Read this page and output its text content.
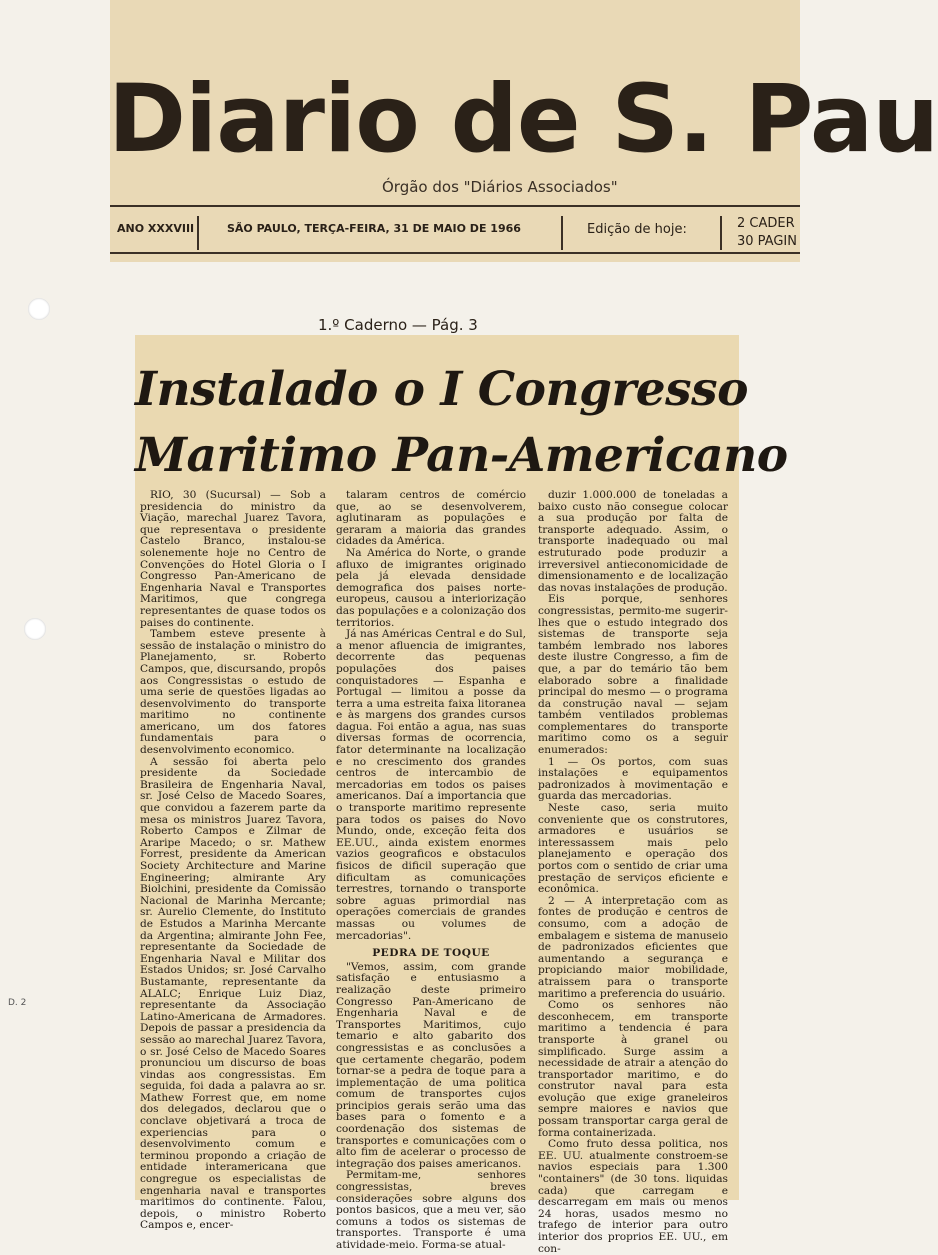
Diario de S. Pau
Órgão dos "Diários Associados"
ANO XXXVIII	SÃO PAULO, TERÇA-FEIRA, 31 DE MAIO DE 1966	Edição de hoje:	2 CADER
30 PAGIN
D. 2
1.º Caderno — Pág. 3
Instalado o I Congresso
Maritimo Pan-Americano

RIO, 30 (Sucursal) — Sob a presidencia do ministro da Viação, marechal Juarez Tavora, que representava o presidente Castelo Branco, instalou-se solenemente hoje no Centro de Convenções do Hotel Gloria o I Congresso Pan-Americano de Engenharia Naval e Transportes Maritimos, que congrega representantes de quase todos os paises do continente.

Tambem esteve presente à sessão de instalação o ministro do Planejamento, sr. Roberto Campos, que, discursando, propôs aos Congressistas o estudo de uma serie de questões ligadas ao desenvolvimento do transporte maritimo no continente americano, um dos fatores fundamentais para o desenvolvimento economico.

A sessão foi aberta pelo presidente da Sociedade Brasileira de Engenharia Naval, sr. José Celso de Macedo Soares, que convidou a fazerem parte da mesa os ministros Juarez Tavora, Roberto Campos e Zilmar de Araripe Macedo; o sr. Mathew Forrest, presidente da American Society Architecture and Marine Engineering; almirante Ary Biolchini, presidente da Comissão Nacional de Marinha Mercante; sr. Aurelio Clemente, do Instituto de Estudos a Marinha Mercante da Argentina; almirante John Fee, representante da Sociedade de Engenharia Naval e Militar dos Estados Unidos; sr. José Carvalho Bustamante, representante da ALALC; Enrique Luiz Diaz, representante da Associação Latino-Americana de Armadores. Depois de passar a presidencia da sessão ao marechal Juarez Tavora, o sr. José Celso de Macedo Soares pronunciou um discurso de boas vindas aos congressistas. Em seguida, foi dada a palavra ao sr. Mathew Forrest que, em nome dos delegados, declarou que o conclave objetivará a troca de experiencias para o desenvolvimento comum e terminou propondo a criação de entidade interamericana que congregue os especialistas de engenharia naval e transportes maritimos do continente. Falou, depois, o ministro Roberto Campos e, encer-

talaram centros de comércio que, ao se desenvolverem, aglutinaram as populações e geraram a maioria das grandes cidades da América.

Na América do Norte, o grande afluxo de imigrantes originado pela já elevada densidade demografica dos paises norte-europeus, causou a interiorização das populações e a colonização dos territorios.

Já nas Américas Central e do Sul, a menor afluencia de imigrantes, decorrente das pequenas populações dos paises conquistadores — Espanha e Portugal — limitou a posse da terra a uma estreita faixa litoranea e às margens dos grandes cursos dagua. Foi então a agua, nas suas diversas formas de ocorrencia, fator determinante na localização e no crescimento dos grandes centros de intercambio de mercadorias em todos os paises americanos. Daí a importancia que o transporte maritimo represente para todos os paises do Novo Mundo, onde, exceção feita dos EE.UU., ainda existem enormes vazios geograficos e obstaculos fisicos de dificil superação que dificultam as comunicações terrestres, tornando o transporte sobre aguas primordial nas operações comerciais de grandes massas ou volumes de mercadorias".

PEDRA DE TOQUE

"Vemos, assim, com grande satisfação e entusiasmo a realização deste primeiro Congresso Pan-Americano de Engenharia Naval e de Transportes Maritimos, cujo temario e alto gabarito dos congressistas e as conclusões a que certamente chegarão, podem tornar-se a pedra de toque para a implementação de uma politica comum de transportes cujos principios gerais serão uma das bases para o fomento e a coordenação dos sistemas de transportes e comunicações com o alto fim de acelerar o processo de integração dos paises americanos.

Permitam-me, senhores congressistas, breves considerações sobre alguns dos pontos basicos, que a meu ver, são comuns a todos os sistemas de transportes. Transporte é uma atividade-meio. Forma-se atual-

duzir 1.000.000 de toneladas a baixo custo não consegue colocar a sua produção por falta de transporte adequado. Assim, o transporte inadequado ou mal estruturado pode produzir a irreversivel antieconomicidade de dimensionamento e de localização das novas instalações de produção.

Eis porque, senhores congressistas, permito-me sugerir-lhes que o estudo integrado dos sistemas de transporte seja também lembrado nos labores deste ilustre Congresso, a fim de que, a par do temário tão bem elaborado sobre a finalidade principal do mesmo — o programa da construção naval — sejam também ventilados problemas complementares do transporte maritimo como os a seguir enumerados:

1 — Os portos, com suas instalações e equipamentos padronizados à movimentação e guarda das mercadorias.

Neste caso, seria muito conveniente que os construtores, armadores e usuários se interessassem mais pelo planejamento e operação dos portos com o sentido de criar uma prestação de serviços eficiente e econômica.

2 — A interpretação com as fontes de produção e centros de consumo, com a adoção de embalagem e sistema de manuseio de padronizados eficientes que aumentando a segurança e propiciando maior mobilidade, atraissem para o transporte maritimo a preferencia do usuário.

Como os senhores não desconhecem, em transporte maritimo a tendencia é para transporte à granel ou simplificado. Surge assim a necessidade de atrair a atenção do transportador maritimo, e do construtor naval para esta evolução que exige graneleiros sempre maiores e navios que possam transportar carga geral de forma containerizada.

Como fruto dessa politica, nos EE. UU. atualmente constroem-se navios especiais para 1.300 "containers" (de 30 tons. liquidas cada) que carregam e descarregam em mais ou menos 24 horas, usados mesmo no trafego de interior para outro interior dos proprios EE. UU., em con-
